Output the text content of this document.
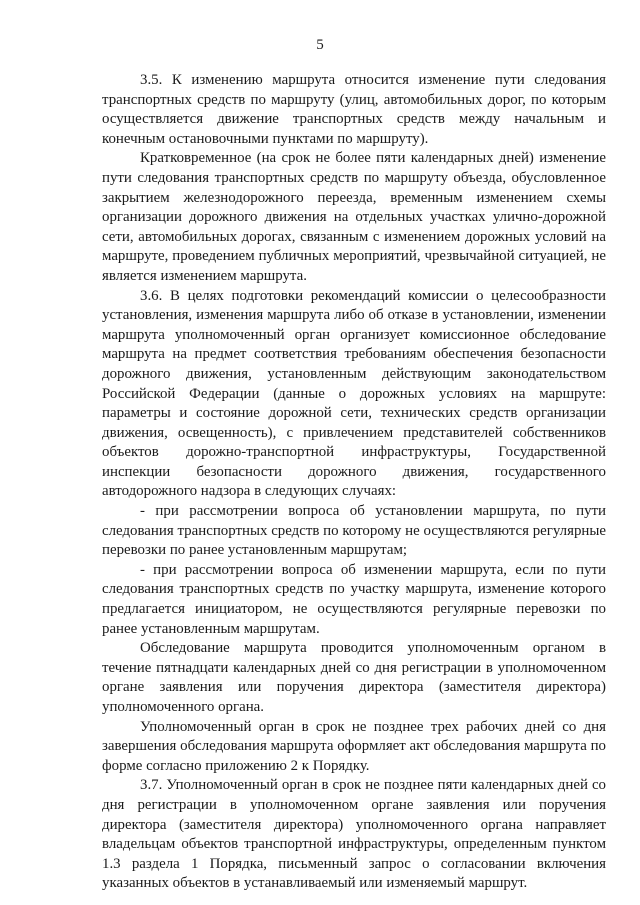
5

3.5. К изменению маршрута относится изменение пути следования транспортных средств по маршруту (улиц, автомобильных дорог, по которым осуществляется движение транспортных средств между начальным и конечным остановочными пунктами по маршруту).

Кратковременное (на срок не более пяти календарных дней) изменение пути следования транспортных средств по маршруту объезда, обусловленное закрытием железнодорожного переезда, временным изменением схемы организации дорожного движения на отдельных участках улично-дорожной сети, автомобильных дорогах, связанным с изменением дорожных условий на маршруте, проведением публичных мероприятий, чрезвычайной ситуацией, не является изменением маршрута.

3.6. В целях подготовки рекомендаций комиссии о целесообразности установления, изменения маршрута либо об отказе в установлении, изменении маршрута уполномоченный орган организует комиссионное обследование маршрута на предмет соответствия требованиям обеспечения безопасности дорожного движения, установленным действующим законодательством Российской Федерации (данные о дорожных условиях на маршруте: параметры и состояние дорожной сети, технических средств организации движения, освещенность), с привлечением представителей собственников объектов дорожно-транспортной инфраструктуры, Государственной инспекции безопасности дорожного движения, государственного автодорожного надзора в следующих случаях:

- при рассмотрении вопроса об установлении маршрута, по пути следования транспортных средств по которому не осуществляются регулярные перевозки по ранее установленным маршрутам;

- при рассмотрении вопроса об изменении маршрута, если по пути следования транспортных средств по участку маршрута, изменение которого предлагается инициатором, не осуществляются регулярные перевозки по ранее установленным маршрутам.

Обследование маршрута проводится уполномоченным органом в течение пятнадцати календарных дней со дня регистрации в уполномоченном органе заявления или поручения директора (заместителя директора) уполномоченного органа.

Уполномоченный орган в срок не позднее трех рабочих дней со дня завершения обследования маршрута оформляет акт обследования маршрута по форме согласно приложению 2 к Порядку.

3.7. Уполномоченный орган в срок не позднее пяти календарных дней со дня регистрации в уполномоченном органе заявления или поручения директора (заместителя директора) уполномоченного органа направляет владельцам объектов транспортной инфраструктуры, определенным пунктом 1.3 раздела 1 Порядка, письменный запрос о согласовании включения указанных объектов в устанавливаемый или изменяемый маршрут.
